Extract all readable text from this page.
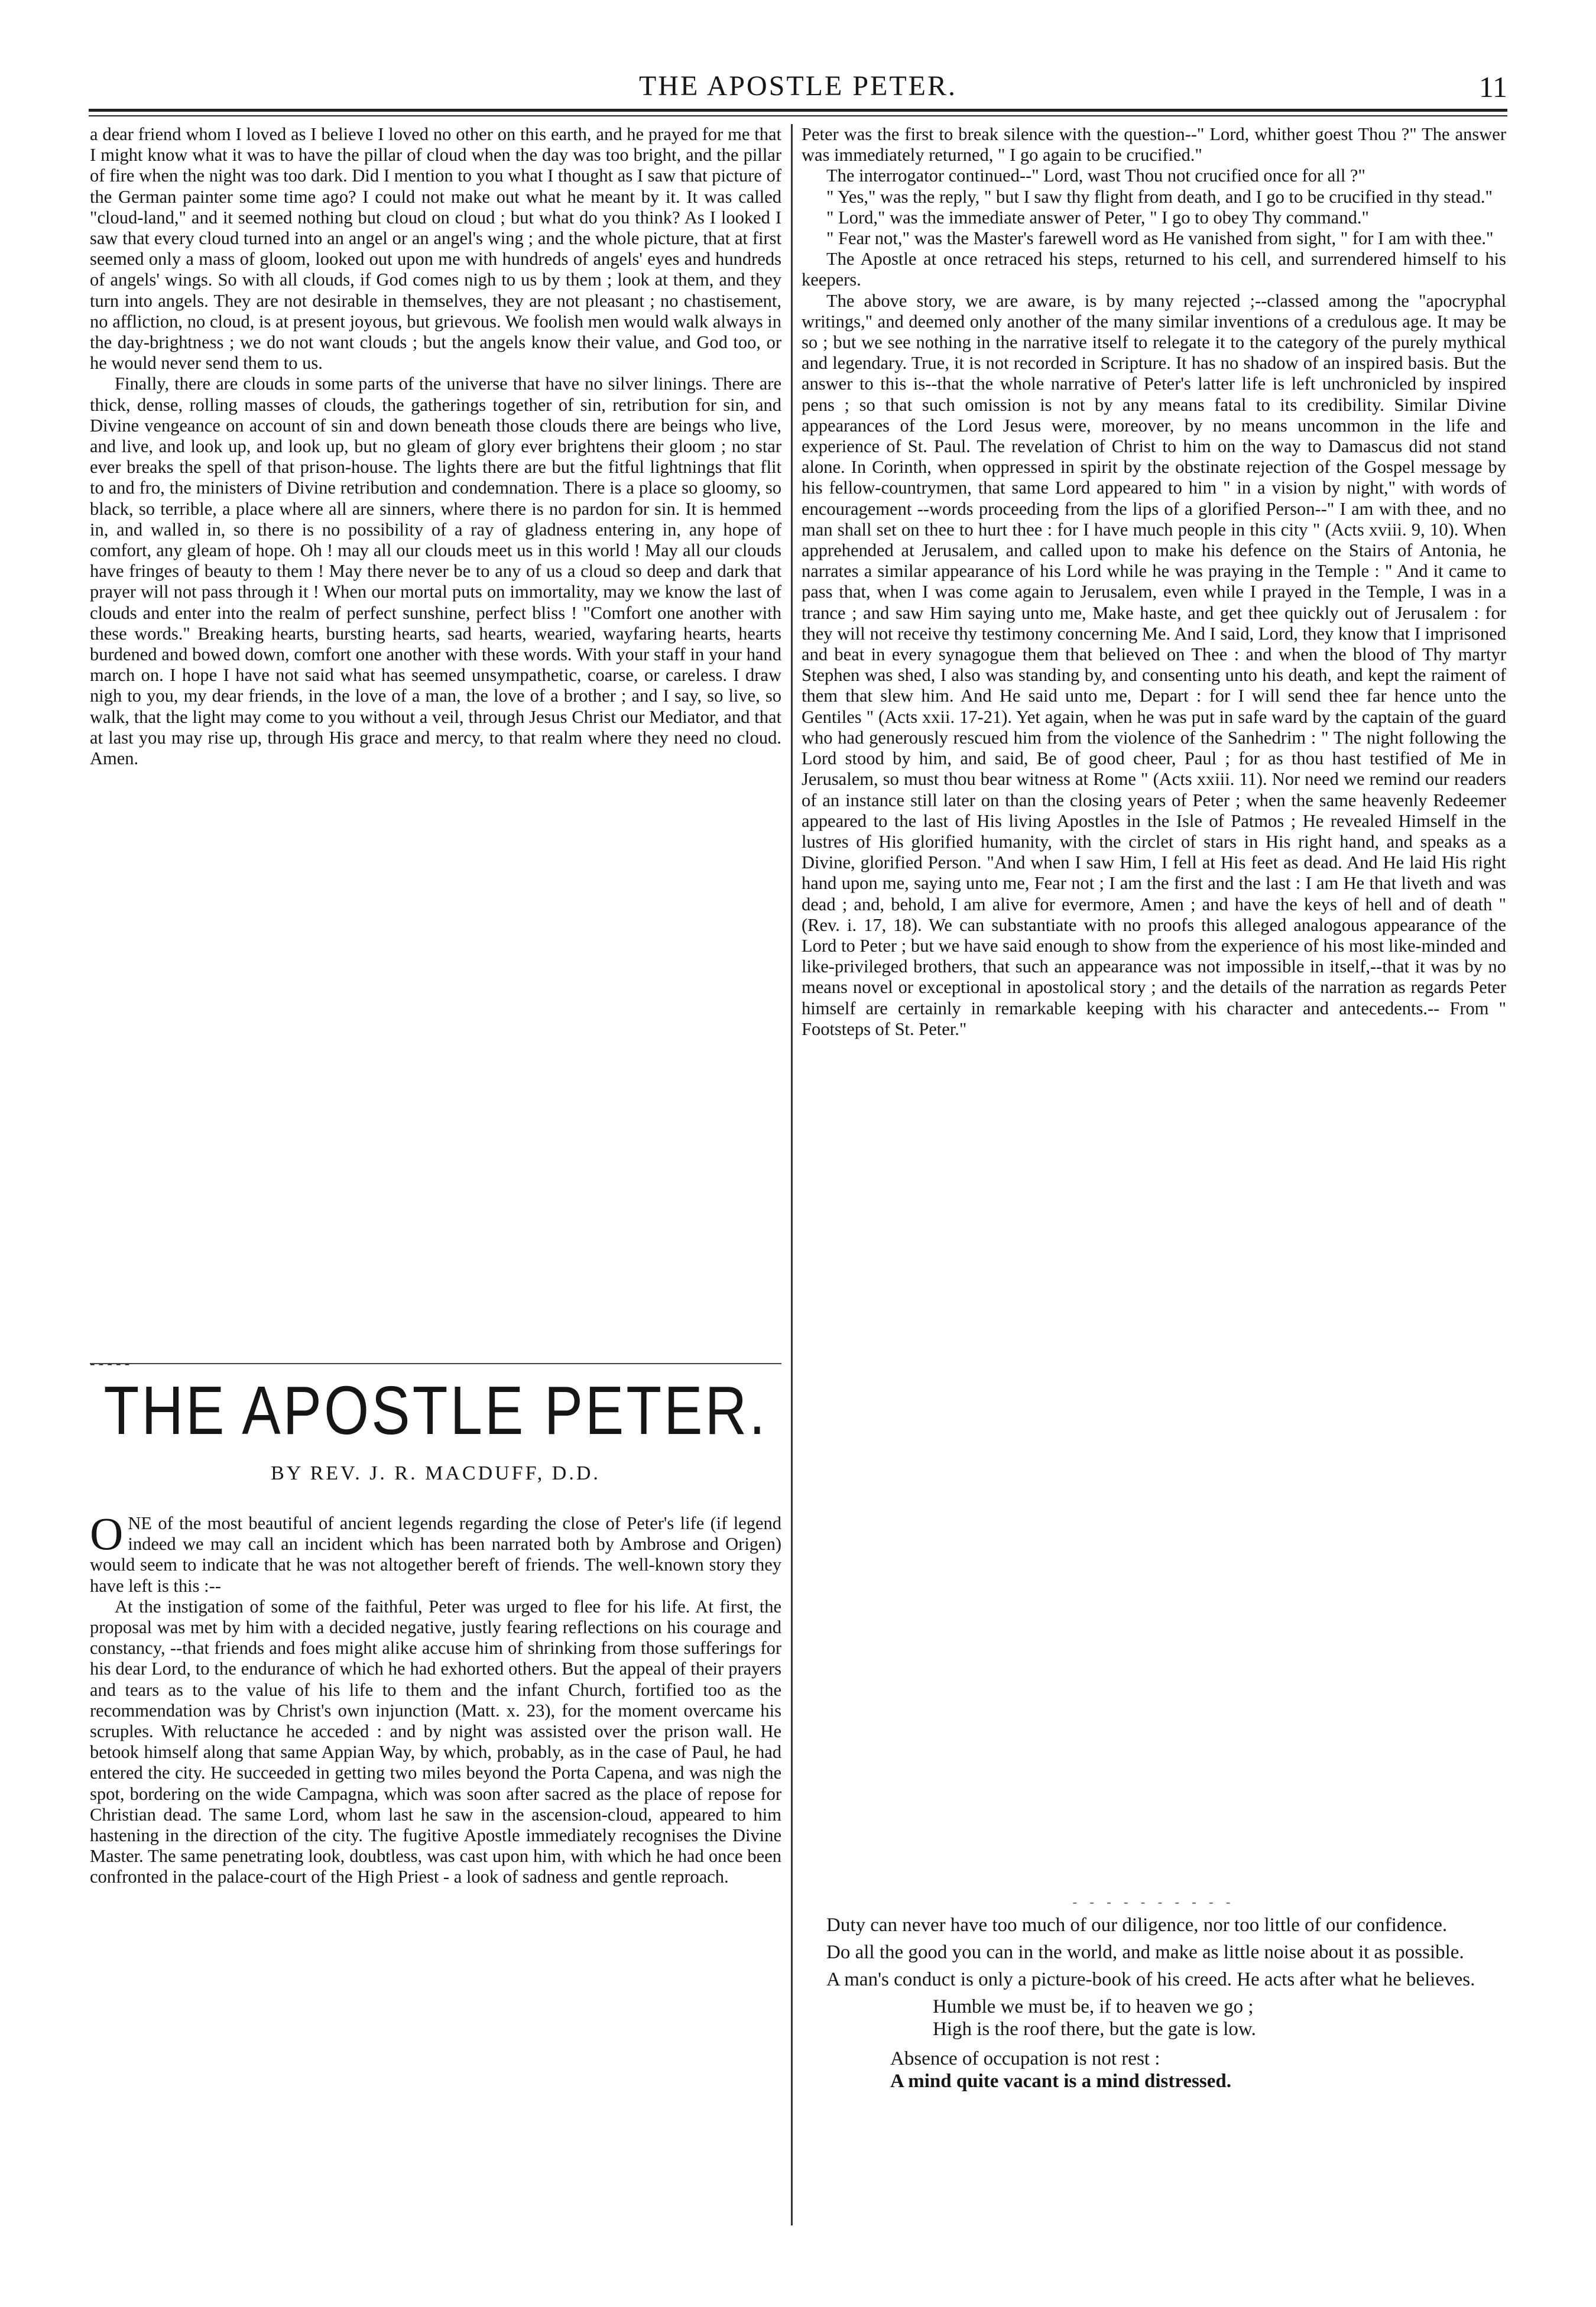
THE APOSTLE PETER.	11

a dear friend whom I loved as I believe I loved no other on this earth, and he prayed for me that I might know what it was to have the pillar of cloud when the day was too bright, and the pillar of fire when the night was too dark. Did I mention to you what I thought as I saw that picture of the German painter some time ago? I could not make out what he meant by it. It was called "cloud-land," and it seemed nothing but cloud on cloud ; but what do you think? As I looked I saw that every cloud turned into an angel or an angel's wing ; and the whole picture, that at first seemed only a mass of gloom, looked out upon me with hundreds of angels' eyes and hundreds of angels' wings. So with all clouds, if God comes nigh to us by them ; look at them, and they turn into angels. They are not desirable in themselves, they are not pleasant ; no chastisement, no affliction, no cloud, is at present joyous, but grievous. We foolish men would walk always in the day-brightness ; we do not want clouds ; but the angels know their value, and God too, or he would never send them to us.

Finally, there are clouds in some parts of the universe that have no silver linings. There are thick, dense, rolling masses of clouds, the gatherings together of sin, retribution for sin, and Divine vengeance on account of sin and down beneath those clouds there are beings who live, and live, and look up, and look up, but no gleam of glory ever brightens their gloom ; no star ever breaks the spell of that prison-house. The lights there are but the fitful lightnings that flit to and fro, the ministers of Divine retribution and condemnation. There is a place so gloomy, so black, so terrible, a place where all are sinners, where there is no pardon for sin. It is hemmed in, and walled in, so there is no possibility of a ray of gladness entering in, any hope of comfort, any gleam of hope. Oh ! may all our clouds meet us in this world ! May all our clouds have fringes of beauty to them ! May there never be to any of us a cloud so deep and dark that prayer will not pass through it ! When our mortal puts on immortality, may we know the last of clouds and enter into the realm of perfect sunshine, perfect bliss ! "Comfort one another with these words." Breaking hearts, bursting hearts, sad hearts, wearied, wayfaring hearts, hearts burdened and bowed down, comfort one another with these words. With your staff in your hand march on. I hope I have not said what has seemed unsympathetic, coarse, or careless. I draw nigh to you, my dear friends, in the love of a man, the love of a brother ; and I say, so live, so walk, that the light may come to you without a veil, through Jesus Christ our Mediator, and that at last you may rise up, through His grace and mercy, to that realm where they need no cloud. Amen.

-----
THE APOSTLE PETER.
BY REV. J. R. MACDUFF, D.D.

ONE of the most beautiful of ancient legends regarding the close of Peter's life (if legend indeed we may call an incident which has been narrated both by Ambrose and Origen) would seem to indicate that he was not altogether bereft of friends. The well-known story they have left is this :--

At the instigation of some of the faithful, Peter was urged to flee for his life. At first, the proposal was met by him with a decided negative, justly fearing reflections on his courage and constancy, --that friends and foes might alike accuse him of shrinking from those sufferings for his dear Lord, to the endurance of which he had exhorted others. But the appeal of their prayers and tears as to the value of his life to them and the infant Church, fortified too as the recommendation was by Christ's own injunction (Matt. x. 23), for the moment overcame his scruples. With reluctance he acceded : and by night was assisted over the prison wall. He betook himself along that same Appian Way, by which, probably, as in the case of Paul, he had entered the city. He succeeded in getting two miles beyond the Porta Capena, and was nigh the spot, bordering on the wide Campagna, which was soon after sacred as the place of repose for Christian dead. The same Lord, whom last he saw in the ascension-cloud, appeared to him hastening in the direction of the city. The fugitive Apostle immediately recognises the Divine Master. The same penetrating look, doubtless, was cast upon him, with which he had once been confronted in the palace-court of the High Priest - a look of sadness and gentle reproach.

Peter was the first to break silence with the question--" Lord, whither goest Thou ?" The answer was immediately returned, " I go again to be crucified."

The interrogator continued--" Lord, wast Thou not crucified once for all ?"

" Yes," was the reply, " but I saw thy flight from death, and I go to be crucified in thy stead."

" Lord," was the immediate answer of Peter, " I go to obey Thy command."

" Fear not," was the Master's farewell word as He vanished from sight, " for I am with thee."

The Apostle at once retraced his steps, returned to his cell, and surrendered himself to his keepers.

The above story, we are aware, is by many rejected ;--classed among the "apocryphal writings," and deemed only another of the many similar inventions of a credulous age. It may be so ; but we see nothing in the narrative itself to relegate it to the category of the purely mythical and legendary. True, it is not recorded in Scripture. It has no shadow of an inspired basis. But the answer to this is--that the whole narrative of Peter's latter life is left unchronicled by inspired pens ; so that such omission is not by any means fatal to its credibility. Similar Divine appearances of the Lord Jesus were, moreover, by no means uncommon in the life and experience of St. Paul. The revelation of Christ to him on the way to Damascus did not stand alone. In Corinth, when oppressed in spirit by the obstinate rejection of the Gospel message by his fellow-countrymen, that same Lord appeared to him " in a vision by night," with words of encouragement --words proceeding from the lips of a glorified Person--" I am with thee, and no man shall set on thee to hurt thee : for I have much people in this city " (Acts xviii. 9, 10). When apprehended at Jerusalem, and called upon to make his defence on the Stairs of Antonia, he narrates a similar appearance of his Lord while he was praying in the Temple : " And it came to pass that, when I was come again to Jerusalem, even while I prayed in the Temple, I was in a trance ; and saw Him saying unto me, Make haste, and get thee quickly out of Jerusalem : for they will not receive thy testimony concerning Me. And I said, Lord, they know that I imprisoned and beat in every synagogue them that believed on Thee : and when the blood of Thy martyr Stephen was shed, I also was standing by, and consenting unto his death, and kept the raiment of them that slew him. And He said unto me, Depart : for I will send thee far hence unto the Gentiles " (Acts xxii. 17-21). Yet again, when he was put in safe ward by the captain of the guard who had generously rescued him from the violence of the Sanhedrim : " The night following the Lord stood by him, and said, Be of good cheer, Paul ; for as thou hast testified of Me in Jerusalem, so must thou bear witness at Rome " (Acts xxiii. 11). Nor need we remind our readers of an instance still later on than the closing years of Peter ; when the same heavenly Redeemer appeared to the last of His living Apostles in the Isle of Patmos ; He revealed Himself in the lustres of His glorified humanity, with the circlet of stars in His right hand, and speaks as a Divine, glorified Person. "And when I saw Him, I fell at His feet as dead. And He laid His right hand upon me, saying unto me, Fear not ; I am the first and the last : I am He that liveth and was dead ; and, behold, I am alive for evermore, Amen ; and have the keys of hell and of death " (Rev. i. 17, 18). We can substantiate with no proofs this alleged analogous appearance of the Lord to Peter ; but we have said enough to show from the experience of his most like-minded and like-privileged brothers, that such an appearance was not impossible in itself,--that it was by no means novel or exceptional in apostolical story ; and the details of the narration as regards Peter himself are certainly in remarkable keeping with his character and antecedents.-- From " Footsteps of St. Peter."

- - - - - - - - - -

Duty can never have too much of our diligence, nor too little of our confidence.

Do all the good you can in the world, and make as little noise about it as possible.

A man's conduct is only a picture-book of his creed. He acts after what he believes.

Humble we must be, if to heaven we go ;

High is the roof there, but the gate is low.

Absence of occupation is not rest :

A mind quite vacant is a mind distressed.
